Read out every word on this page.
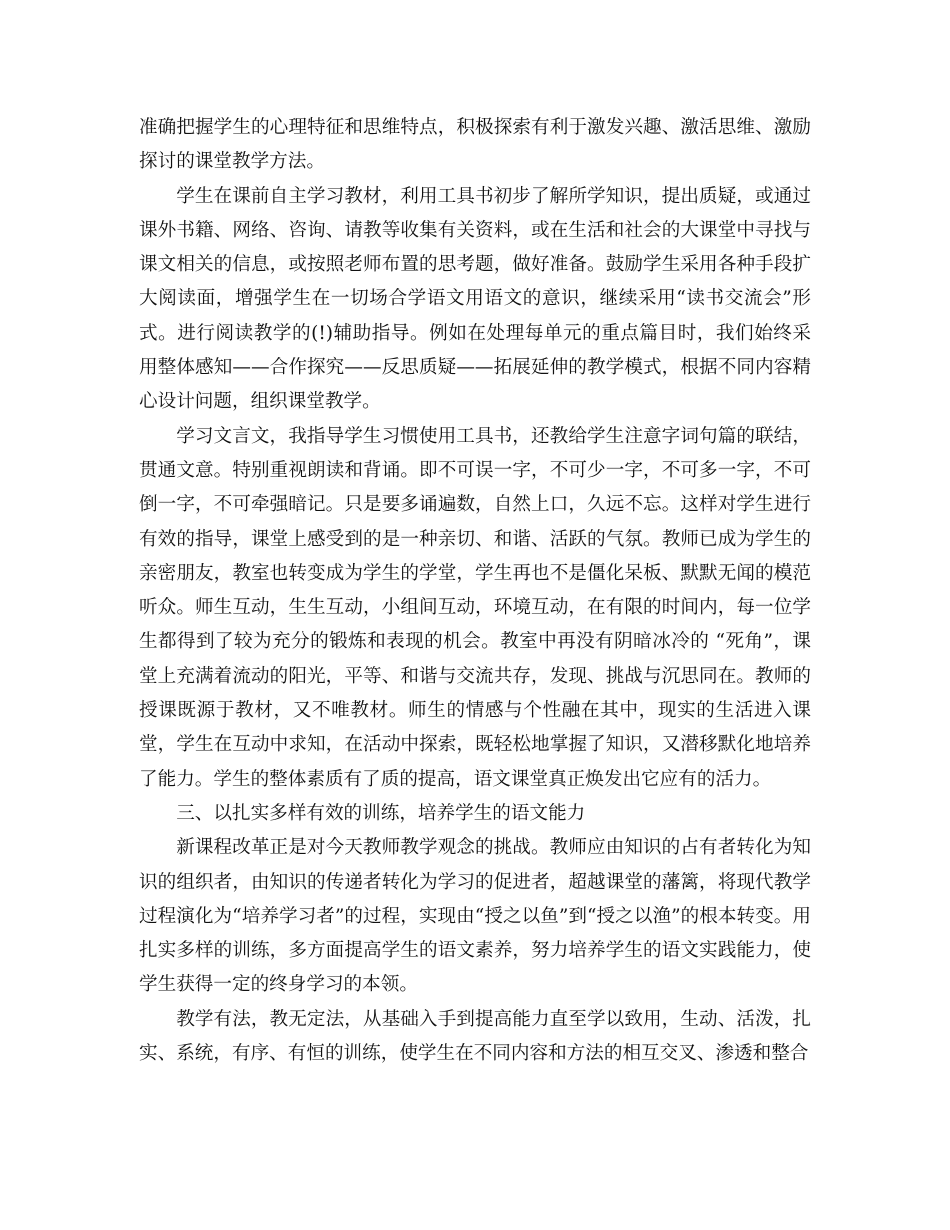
准确把握学生的心理特征和思维特点，积极探索有利于激发兴趣、激活思维、激励探讨的课堂教学方法。

学生在课前自主学习教材，利用工具书初步了解所学知识，提出质疑，或通过课外书籍、网络、咨询、请教等收集有关资料，或在生活和社会的大课堂中寻找与课文相关的信息，或按照老师布置的思考题，做好准备。鼓励学生采用各种手段扩大阅读面，增强学生在一切场合学语文用语文的意识，继续采用“读书交流会”形式。进行阅读教学的(!)辅助指导。例如在处理每单元的重点篇目时，我们始终采用整体感知——合作探究——反思质疑——拓展延伸的教学模式，根据不同内容精心设计问题，组织课堂教学。

学习文言文，我指导学生习惯使用工具书，还教给学生注意字词句篇的联结，贯通文意。特别重视朗读和背诵。即不可误一字，不可少一字，不可多一字，不可倒一字，不可牵强暗记。只是要多诵遍数，自然上口，久远不忘。这样对学生进行有效的指导，课堂上感受到的是一种亲切、和谐、活跃的气氛。教师已成为学生的亲密朋友，教室也转变成为学生的学堂，学生再也不是僵化呆板、默默无闻的模范听众。师生互动，生生互动，小组间互动，环境互动，在有限的时间内，每一位学生都得到了较为充分的锻炼和表现的机会。教室中再没有阴暗冰冷的 “死角”，课堂上充满着流动的阳光，平等、和谐与交流共存，发现、挑战与沉思同在。教师的授课既源于教材，又不唯教材。师生的情感与个性融在其中，现实的生活进入课堂，学生在互动中求知，在活动中探索，既轻松地掌握了知识，又潜移默化地培养了能力。学生的整体素质有了质的提高，语文课堂真正焕发出它应有的活力。

三、以扎实多样有效的训练，培养学生的语文能力

新课程改革正是对今天教师教学观念的挑战。教师应由知识的占有者转化为知识的组织者，由知识的传递者转化为学习的促进者，超越课堂的藩篱，将现代教学过程演化为“培养学习者”的过程，实现由“授之以鱼”到“授之以渔”的根本转变。用扎实多样的训练，多方面提高学生的语文素养，努力培养学生的语文实践能力，使学生获得一定的终身学习的本领。

教学有法，教无定法，从基础入手到提高能力直至学以致用，生动、活泼，扎实、系统，有序、有恒的训练，使学生在不同内容和方法的相互交叉、渗透和整合
